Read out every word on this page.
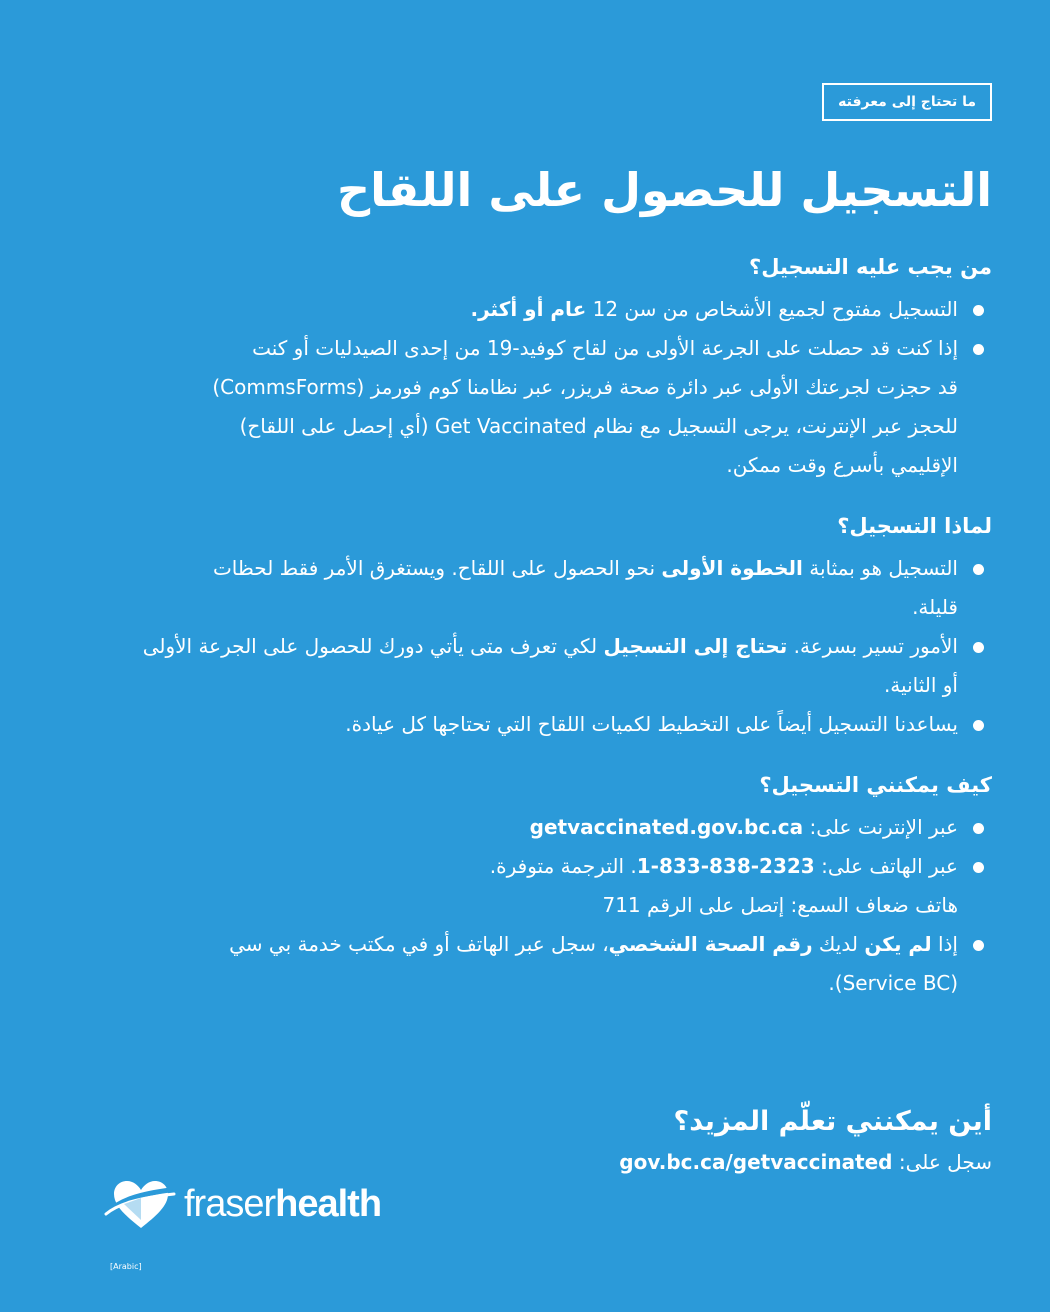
ما تحتاج إلى معرفته
التسجيل للحصول على اللقاح
من يجب عليه التسجيل؟
التسجيل مفتوح لجميع الأشخاص من سن 12 عام أو أكثر.
إذا كنت قد حصلت على الجرعة الأولى من لقاح كوفيد-19 من إحدى الصيدليات أو كنت
قد حجزت لجرعتك الأولى عبر دائرة صحة فريزر، عبر نظامنا كوم فورمز (CommsForms)
للحجز عبر الإنترنت، يرجى التسجيل مع نظام Get Vaccinated (أي إحصل على اللقاح)
الإقليمي بأسرع وقت ممكن.
لماذا التسجيل؟
التسجيل هو بمثابة الخطوة الأولى نحو الحصول على اللقاح. ويستغرق الأمر فقط لحظات
قليلة.
الأمور تسير بسرعة. تحتاج إلى التسجيل لكي تعرف متى يأتي دورك للحصول على الجرعة الأولى
أو الثانية.
يساعدنا التسجيل أيضاً على التخطيط لكميات اللقاح التي تحتاجها كل عيادة.
كيف يمكنني التسجيل؟
عبر الإنترنت على: getvaccinated.gov.bc.ca
عبر الهاتف على: 1-833-838-2323. الترجمة متوفرة.
هاتف ضعاف السمع: إتصل على الرقم 711
إذا لم يكن لديك رقم الصحة الشخصي، سجل عبر الهاتف أو في مكتب خدمة بي سي
(Service BC).
أين يمكنني تعلّم المزيد؟
سجل على: gov.bc.ca/getvaccinated
fraserhealth
[Arabic]
